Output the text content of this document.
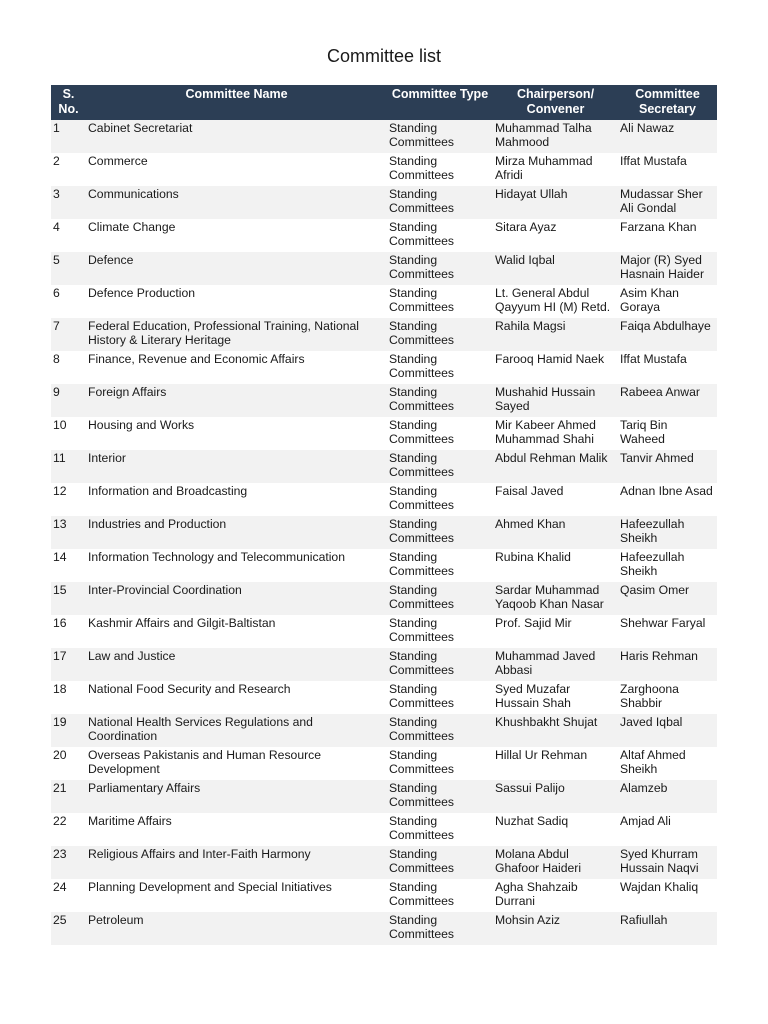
Committee list
S. No.	Committee Name	Committee Type	Chairperson/ Convener	Committee Secretary
1	Cabinet Secretariat	Standing Committees	Muhammad Talha Mahmood	Ali Nawaz
2	Commerce	Standing Committees	Mirza Muhammad Afridi	Iffat Mustafa
3	Communications	Standing Committees	Hidayat Ullah	Mudassar Sher Ali Gondal
4	Climate Change	Standing Committees	Sitara Ayaz	Farzana Khan
5	Defence	Standing Committees	Walid Iqbal	Major (R) Syed Hasnain Haider
6	Defence Production	Standing Committees	Lt. General Abdul Qayyum HI (M) Retd.	Asim Khan Goraya
7	Federal Education, Professional Training, National History & Literary Heritage	Standing Committees	Rahila Magsi	Faiqa Abdulhaye
8	Finance, Revenue and Economic Affairs	Standing Committees	Farooq Hamid Naek	Iffat Mustafa
9	Foreign Affairs	Standing Committees	Mushahid Hussain Sayed	Rabeea Anwar
10	Housing and Works	Standing Committees	Mir Kabeer Ahmed Muhammad Shahi	Tariq Bin Waheed
11	Interior	Standing Committees	Abdul Rehman Malik	Tanvir Ahmed
12	Information and Broadcasting	Standing Committees	Faisal Javed	Adnan Ibne Asad
13	Industries and Production	Standing Committees	Ahmed Khan	Hafeezullah Sheikh
14	Information Technology and Telecommunication	Standing Committees	Rubina Khalid	Hafeezullah Sheikh
15	Inter-Provincial Coordination	Standing Committees	Sardar Muhammad Yaqoob Khan Nasar	Qasim Omer
16	Kashmir Affairs and Gilgit-Baltistan	Standing Committees	Prof. Sajid Mir	Shehwar Faryal
17	Law and Justice	Standing Committees	Muhammad Javed Abbasi	Haris Rehman
18	National Food Security and Research	Standing Committees	Syed Muzafar Hussain Shah	Zarghoona Shabbir
19	National Health Services Regulations and Coordination	Standing Committees	Khushbakht Shujat	Javed Iqbal
20	Overseas Pakistanis and Human Resource Development	Standing Committees	Hillal Ur Rehman	Altaf Ahmed Sheikh
21	Parliamentary Affairs	Standing Committees	Sassui Palijo	Alamzeb
22	Maritime Affairs	Standing Committees	Nuzhat Sadiq	Amjad Ali
23	Religious Affairs and Inter-Faith Harmony	Standing Committees	Molana Abdul Ghafoor Haideri	Syed Khurram Hussain Naqvi
24	Planning Development and Special Initiatives	Standing Committees	Agha Shahzaib Durrani	Wajdan Khaliq
25	Petroleum	Standing Committees	Mohsin Aziz	Rafiullah
